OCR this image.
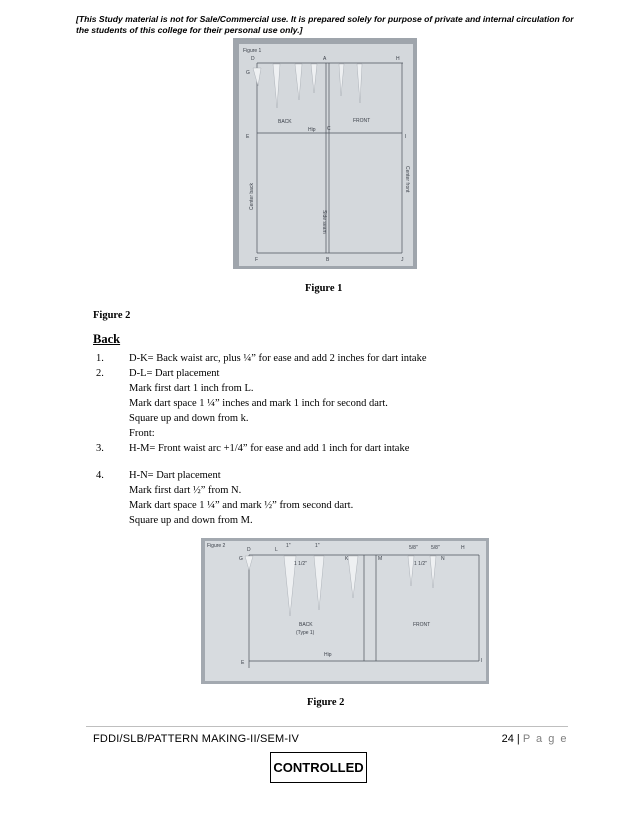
[This Study material is not for Sale/Commercial use. It is prepared solely for purpose of private and internal circulation for the students of this college for their personal use only.]
Figure 1
D	A	H
G
BACK	FRONT
Hip C
E	I
F	B	J
Center back
Side seam
Center front
Figure 1
Figure 2
Back
1. D-K= Back waist arc, plus ¼” for ease and add 2 inches for dart intake
2. D-L= Dart placement
Mark first dart 1 inch from L.
Mark dart space 1 ¼” inches and mark 1 inch for second dart.
Square up and down from k.
Front:
3. H-M= Front waist arc +1/4” for ease and add 1 inch for dart intake
4. H-N= Dart placement
Mark first dart ½” from N.
Mark dart space 1 ¼” and mark ½” from second dart.
Square up and down from M.
Figure 2
D	L
1"	1"
G
1 1/2"
K	M
5/8"	5/8"	H
1 1/2"
N
BACK
(Type 1)
FRONT
Hip
E	I
Figure 2
FDDI/SLB/PATTERN MAKING-II/SEM-IV	24 | P a g e
CONTROLLED
